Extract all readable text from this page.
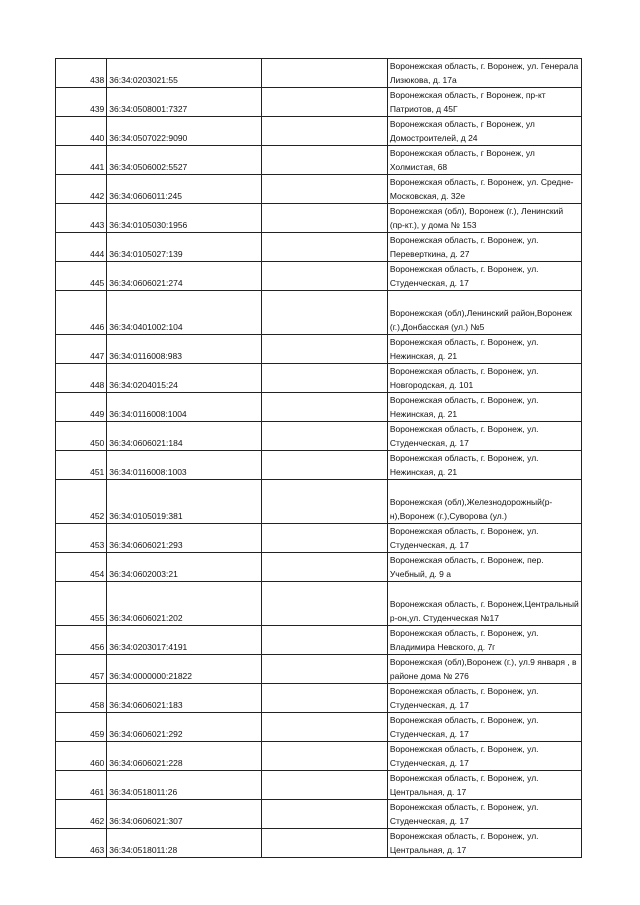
438	36:34:0203021:55		Воронежская область, г. Воронеж, ул. Генерала Лизюкова, д. 17а
439	36:34:0508001:7327		Воронежская область, г Воронеж, пр-кт Патриотов, д 45Г
440	36:34:0507022:9090		Воронежская область, г Воронеж, ул Домостроителей, д 24
441	36:34:0506002:5527		Воронежская область, г Воронеж, ул Холмистая, 68
442	36:34:0606011:245		Воронежская область, г. Воронеж, ул. Средне-Московская, д. 32е
443	36:34:0105030:1956		Воронежская (обл), Воронеж (г.), Ленинский (пр-кт.), у дома № 153
444	36:34:0105027:139		Воронежская область, г. Воронеж, ул. Переверткина, д. 27
445	36:34:0606021:274		Воронежская область, г. Воронеж, ул. Студенческая, д. 17
446	36:34:0401002:104		Воронежская (обл),Ленинский район,Воронеж (г.),Донбасская (ул.) №5
447	36:34:0116008:983		Воронежская область, г. Воронеж, ул. Нежинская, д. 21
448	36:34:0204015:24		Воронежская область, г. Воронеж, ул. Новгородская, д. 101
449	36:34:0116008:1004		Воронежская область, г. Воронеж, ул. Нежинская, д. 21
450	36:34:0606021:184		Воронежская область, г. Воронеж, ул. Студенческая, д. 17
451	36:34:0116008:1003		Воронежская область, г. Воронеж, ул. Нежинская, д. 21
452	36:34:0105019:381		Воронежская (обл),Железнодорожный(р-н),Воронеж (г.),Суворова (ул.)
453	36:34:0606021:293		Воронежская область, г. Воронеж, ул. Студенческая, д. 17
454	36:34:0602003:21		Воронежская область, г. Воронеж, пер. Учебный, д. 9 а
455	36:34:0606021:202		Воронежская область, г. Воронеж,Центральный р-он,ул. Студенческая №17
456	36:34:0203017:4191		Воронежская область, г. Воронеж, ул. Владимира Невского, д. 7г
457	36:34:0000000:21822		Воронежская (обл),Воронеж (г.), ул.9 января , в районе дома № 276
458	36:34:0606021:183		Воронежская область, г. Воронеж, ул. Студенческая, д. 17
459	36:34:0606021:292		Воронежская область, г. Воронеж, ул. Студенческая, д. 17
460	36:34:0606021:228		Воронежская область, г. Воронеж, ул. Студенческая, д. 17
461	36:34:0518011:26		Воронежская область, г. Воронеж, ул. Центральная, д. 17
462	36:34:0606021:307		Воронежская область, г. Воронеж, ул. Студенческая, д. 17
463	36:34:0518011:28		Воронежская область, г. Воронеж, ул. Центральная, д. 17
